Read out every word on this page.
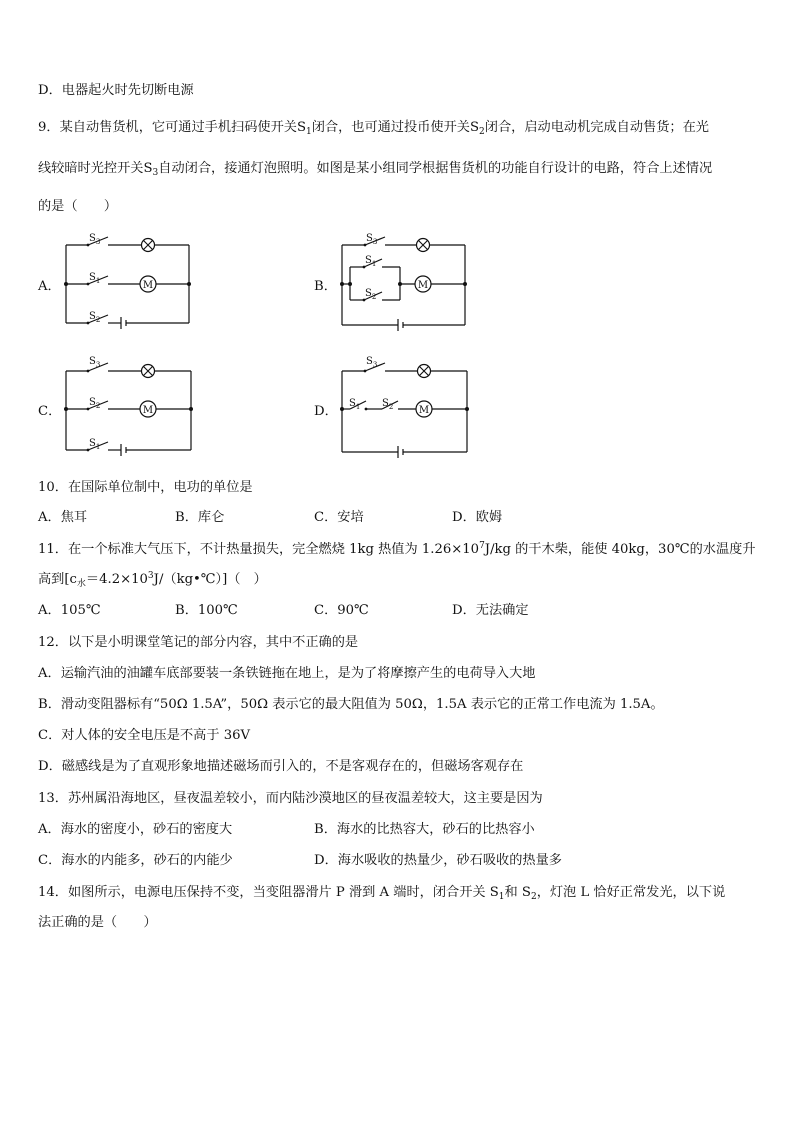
D．电器起火时先切断电源
9．某自动售货机，它可通过手机扫码使开关$S_1$闭合，也可通过投币使开关$S_2$闭合，启动电动机完成自动售货；在光
线较暗时光控开关$S_3$自动闭合，接通灯泡照明。如图是某小组同学根据售货机的功能自行设计的电路，符合上述情况
的是（　　）
A．	B．
C．	D．
M	M
M	M
$S_3$
$S_1$
$S_2$
$S_3$
$S_1$
$S_2$
$S_3$
$S_2$
$S_1$
$S_3$
$S_1$ $S_2$
10．在国际单位制中，电功的单位是
A．焦耳	B．库仑	C．安培	D．欧姆
11．在一个标准大气压下，不计热量损失，完全燃烧 1kg 热值为 $1.26\times 10^7J/kg$ 的干木柴，能使 40kg，30℃的水温度升
高到$[c_水=4.2\times 10^3J/(kg•℃)]$（　）
A．105℃	B．100℃	C．90℃	D．无法确定
12．以下是小明课堂笔记的部分内容，其中不正确的是
A．运输汽油的油罐车底部要装一条铁链拖在地上，是为了将摩擦产生的电荷导入大地
B．滑动变阻器标有“50Ω 1.5A”，50Ω 表示它的最大阻值为 50Ω，1.5A 表示它的正常工作电流为 1.5A。
C．对人体的安全电压是不高于 36V
D．磁感线是为了直观形象地描述磁场而引入的，不是客观存在的，但磁场客观存在
13．苏州属沿海地区，昼夜温差较小，而内陆沙漠地区的昼夜温差较大，这主要是因为
A．海水的密度小，砂石的密度大	B．海水的比热容大，砂石的比热容小
C．海水的内能多，砂石的内能少	D．海水吸收的热量少，砂石吸收的热量多
14．如图所示，电源电压保持不变，当变阻器滑片 P 滑到 A 端时，闭合开关 $S_1$和 $S_2$，灯泡 L 恰好正常发光，以下说
法正确的是（　　）
